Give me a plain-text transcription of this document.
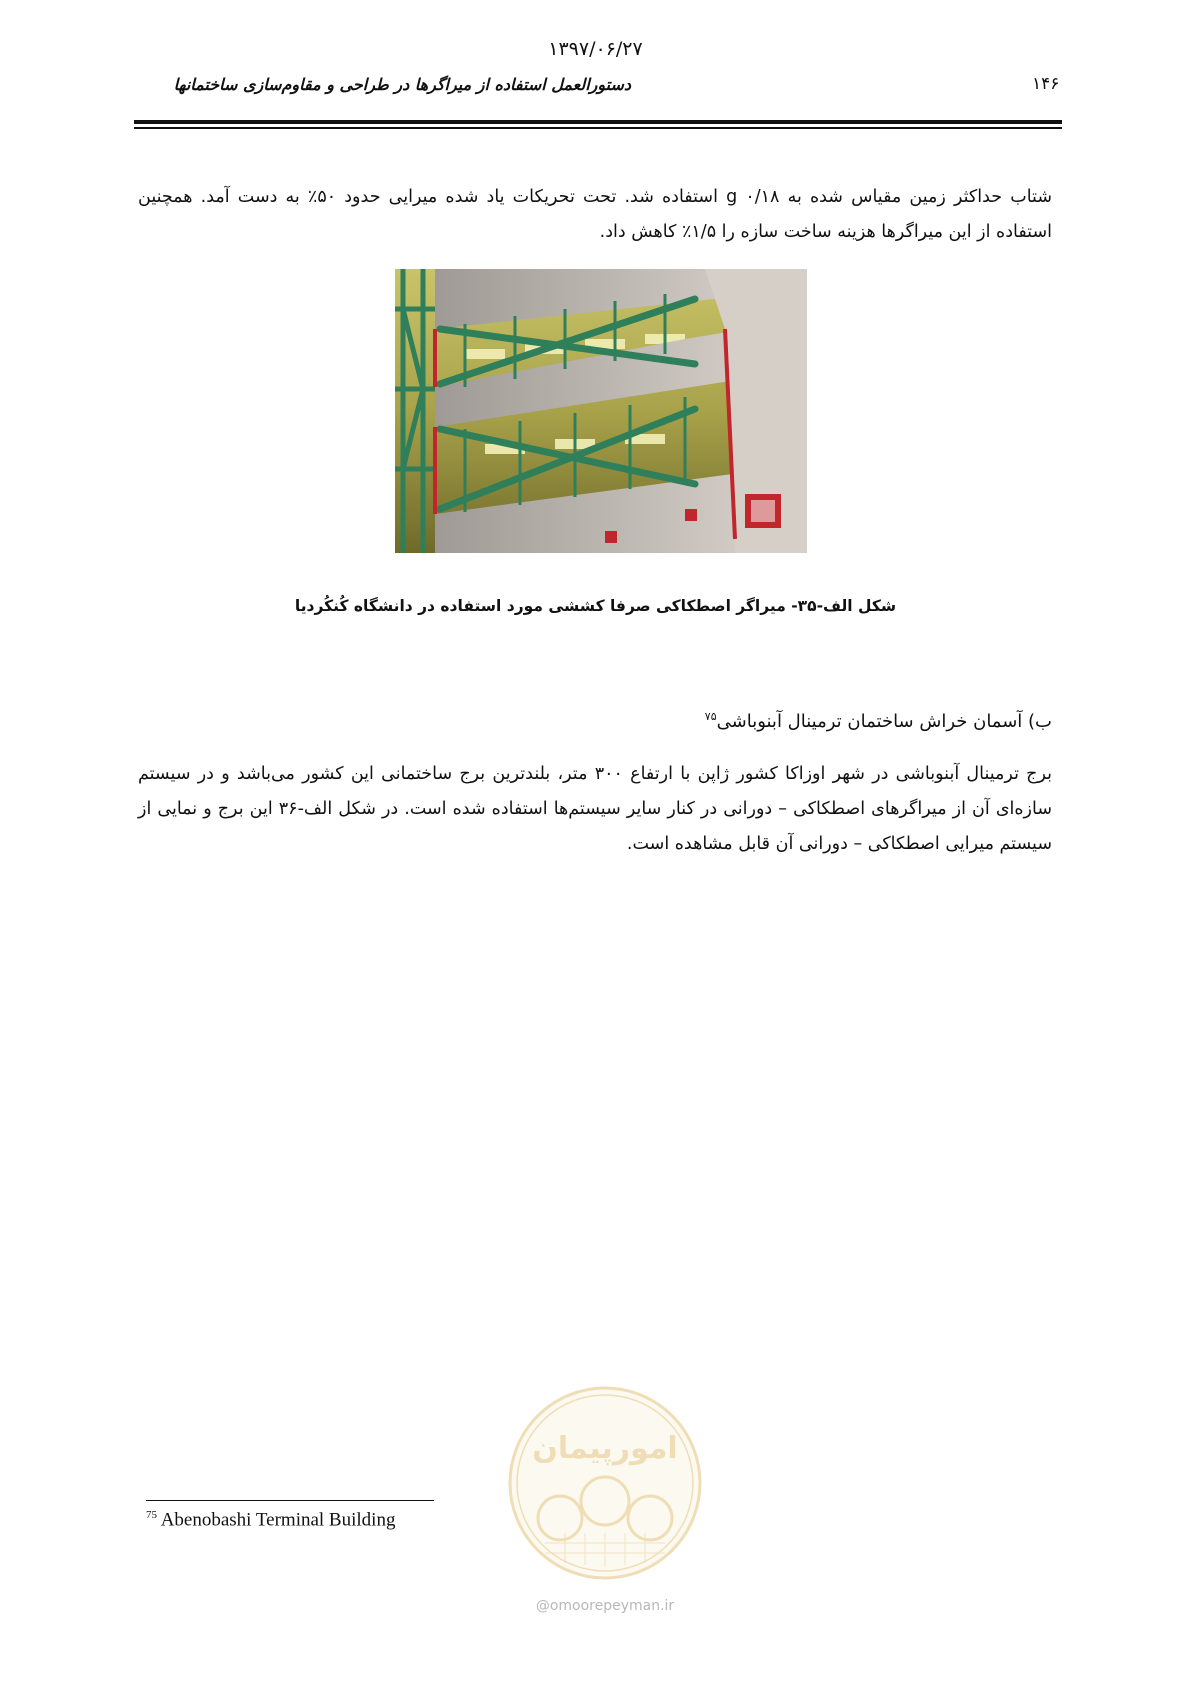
۱۳۹۷/۰۶/۲۷
دستورالعمل استفاده از میراگرها در طراحی و مقاوم‌سازی ساختمانها	۱۴۶
شتاب حداکثر زمین مقیاس شده به ۰/۱۸ g استفاده شد. تحت تحریکات یاد شده میرایی حدود ۵۰٪ به دست آمد. همچنین استفاده از این میراگرها هزینه ساخت سازه را ۱/۵٪ کاهش داد.
شکل الف-۳۵- میراگر اصطکاکی صرفا کششی مورد استفاده در دانشگاه کُنکُردیا
ب) آسمان خراش ساختمان ترمینال آبنوباشی$^{۷۵}$
برج ترمینال آبنوباشی در شهر اوزاکا کشور ژاپن با ارتفاع ۳۰۰ متر، بلندترین برج ساختمانی این کشور می‌باشد و در سیستم سازه‌ای آن از میراگرهای اصطکاکی – دورانی در کنار سایر سیستم‌ها استفاده شده است. در شکل الف-۳۶ این برج و نمایی از سیستم میرایی اصطکاکی – دورانی آن قابل مشاهده است.
$^{75}$ Abenobashi Terminal Building
امورپیمان
@omoorepeyman.ir
